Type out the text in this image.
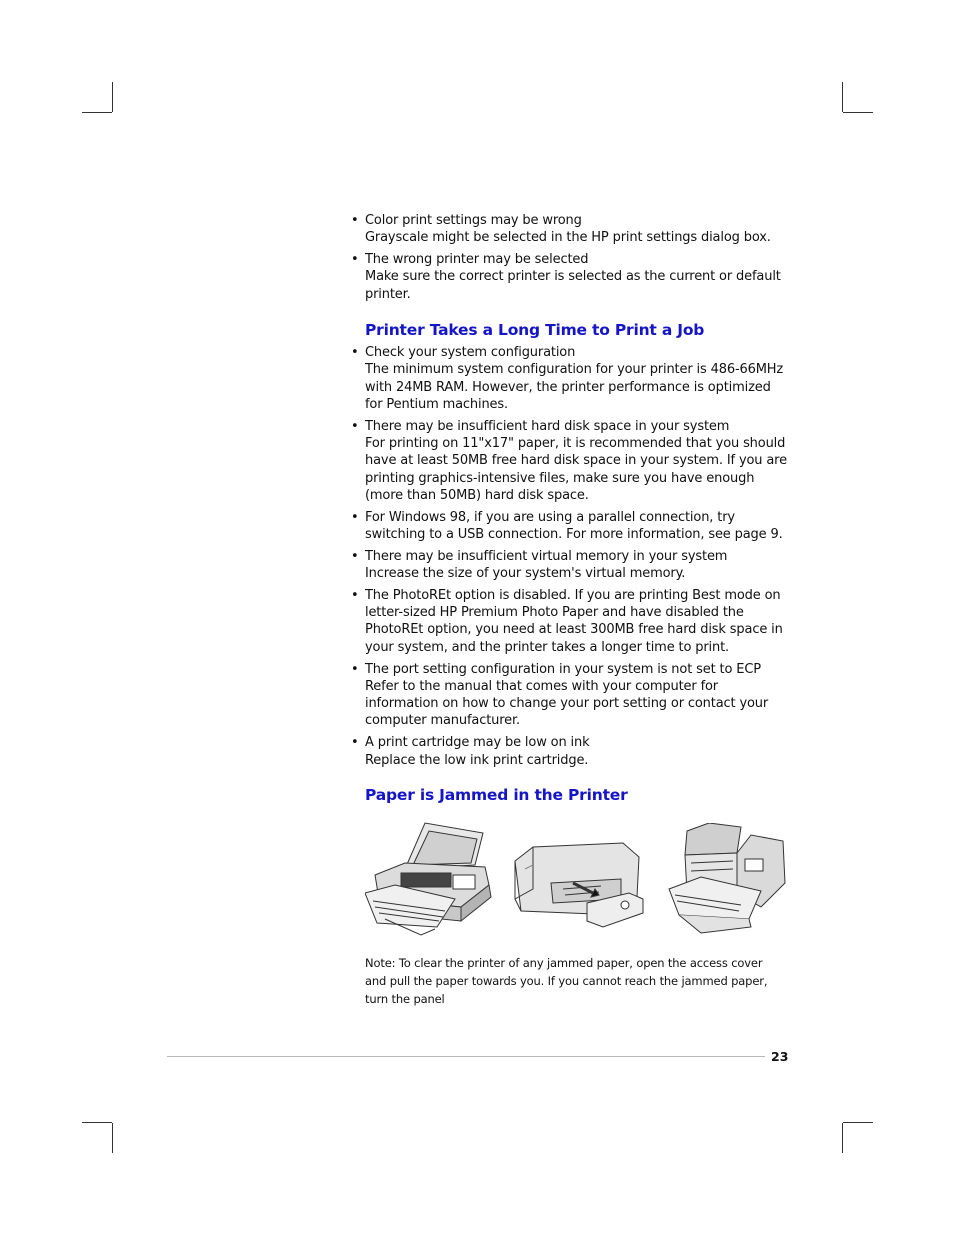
• Color print settings may be wrong
Grayscale might be selected in the HP print settings dialog box.
• The wrong printer may be selected
Make sure the correct printer is selected as the current or default printer.
Printer Takes a Long Time to Print a Job
• Check your system configuration
The minimum system configuration for your printer is 486-66MHz with 24MB RAM. However, the printer performance is optimized for Pentium machines.
• There may be insufficient hard disk space in your system
For printing on 11"x17" paper, it is recommended that you should have at least 50MB free hard disk space in your system. If you are printing graphics-intensive files, make sure you have enough (more than 50MB) hard disk space.
• For Windows 98, if you are using a parallel connection, try switching to a USB connection. For more information, see page 9.
• There may be insufficient virtual memory in your system
Increase the size of your system's virtual memory.
• The PhotoREt option is disabled. If you are printing Best mode on letter-sized HP Premium Photo Paper and have disabled the PhotoREt option, you need at least 300MB free hard disk space in your system, and the printer takes a longer time to print.
• The port setting configuration in your system is not set to ECP
Refer to the manual that comes with your computer for information on how to change your port setting or contact your computer manufacturer.
• A print cartridge may be low on ink
Replace the low ink print cartridge.
Paper is Jammed in the Printer
Note: To clear the printer of any jammed paper, open the access cover and pull the paper towards you. If you cannot reach the jammed paper, turn the panel
23
